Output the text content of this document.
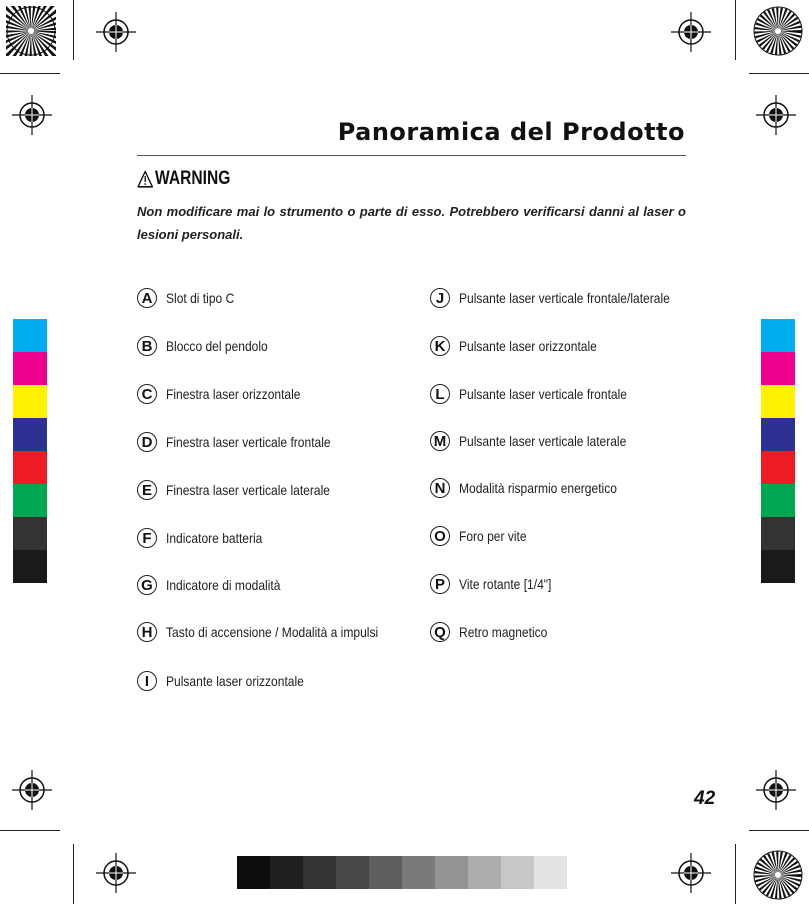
Panoramica del Prodotto
WARNING
Non modificare mai lo strumento o parte di esso. Potrebbero verificarsi danni al laser o lesioni personali.
A Slot di tipo C
B Blocco del pendolo
C Finestra laser orizzontale
D Finestra laser verticale frontale
E	Finestra laser verticale laterale
F	Indicatore batteria
G Indicatore di modalità
H Tasto di accensione / Modalità a impulsi
I	Pulsante laser orizzontale
J	Pulsante laser verticale frontale/laterale
K Pulsante laser orizzontale
L	Pulsante laser verticale frontale
M Pulsante laser verticale laterale
N Modalità risparmio energetico
O Foro per vite
P	Vite rotante [1/4"]
Q Retro magnetico
42
